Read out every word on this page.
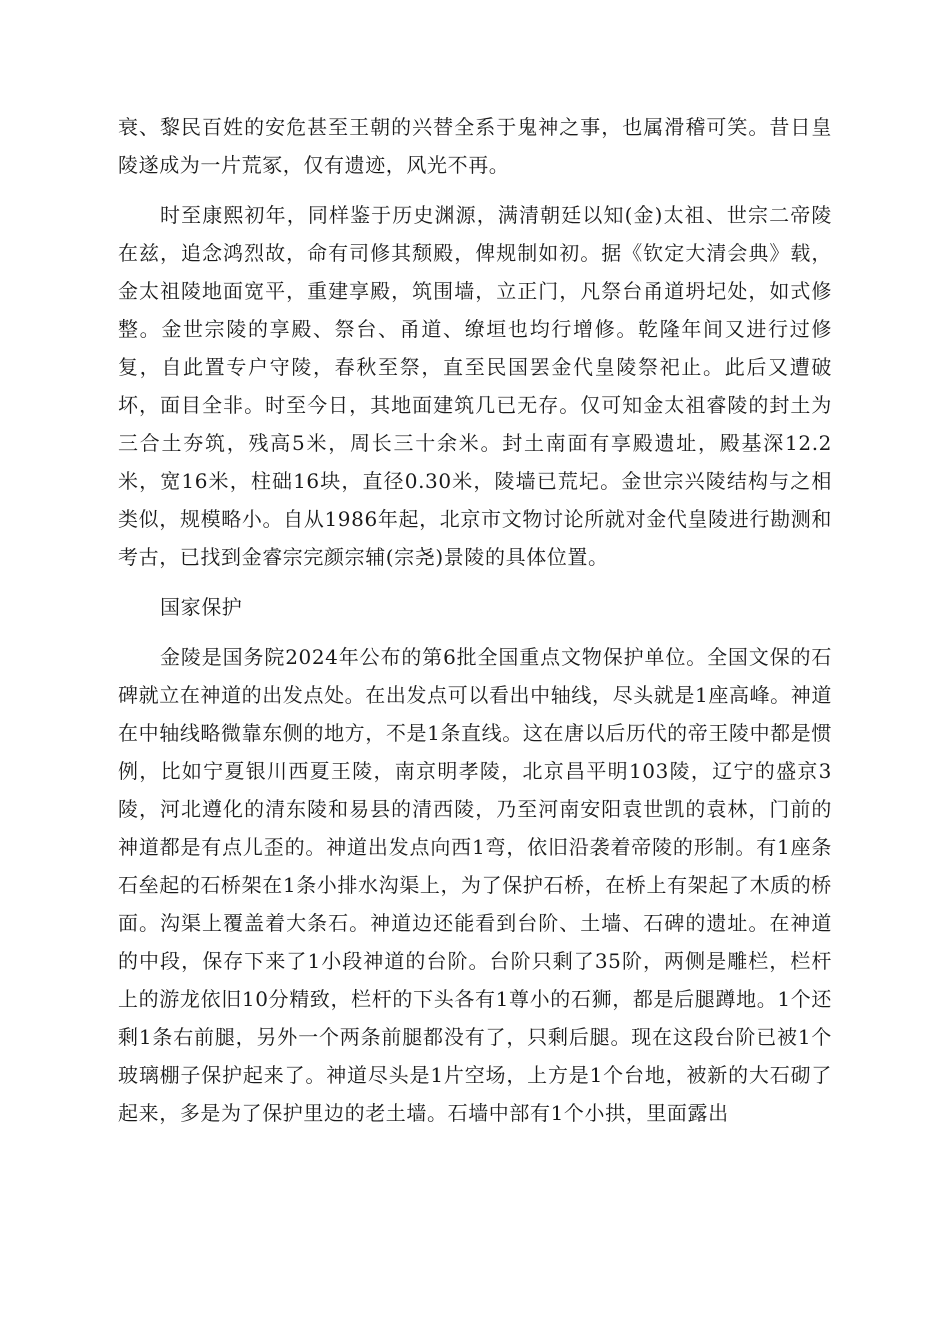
衰、黎民百姓的安危甚至王朝的兴替全系于鬼神之事，也属滑稽可笑。昔日皇陵遂成为一片荒冢，仅有遗迹，风光不再。

时至康熙初年，同样鉴于历史渊源，满清朝廷以知(金)太祖、世宗二帝陵在兹，追念鸿烈故，命有司修其颓殿，俾规制如初。据《钦定大清会典》载，金太祖陵地面宽平，重建享殿，筑围墙，立正门，凡祭台甬道坍圮处，如式修整。金世宗陵的享殿、祭台、甬道、缭垣也均行增修。乾隆年间又进行过修复，自此置专户守陵，春秋至祭，直至民国罢金代皇陵祭祀止。此后又遭破坏，面目全非。时至今日，其地面建筑几已无存。仅可知金太祖睿陵的封土为三合土夯筑，残高5米，周长三十余米。封土南面有享殿遗址，殿基深12.2米，宽16米，柱础16块，直径0.30米，陵墙已荒圮。金世宗兴陵结构与之相类似，规模略小。自从1986年起，北京市文物讨论所就对金代皇陵进行勘测和考古，已找到金睿宗完颜宗辅(宗尧)景陵的具体位置。

国家保护

金陵是国务院2024年公布的第6批全国重点文物保护单位。全国文保的石碑就立在神道的出发点处。在出发点可以看出中轴线，尽头就是1座高峰。神道在中轴线略微靠东侧的地方，不是1条直线。这在唐以后历代的帝王陵中都是惯例，比如宁夏银川西夏王陵，南京明孝陵，北京昌平明103陵，辽宁的盛京3陵，河北遵化的清东陵和易县的清西陵，乃至河南安阳袁世凯的袁林，门前的神道都是有点儿歪的。神道出发点向西1弯，依旧沿袭着帝陵的形制。有1座条石垒起的石桥架在1条小排水沟渠上，为了保护石桥，在桥上有架起了木质的桥面。沟渠上覆盖着大条石。神道边还能看到台阶、土墙、石碑的遗址。在神道的中段，保存下来了1小段神道的台阶。台阶只剩了35阶，两侧是雕栏，栏杆上的游龙依旧10分精致，栏杆的下头各有1尊小的石狮，都是后腿蹲地。1个还剩1条右前腿，另外一个两条前腿都没有了，只剩后腿。现在这段台阶已被1个玻璃棚子保护起来了。神道尽头是1片空场，上方是1个台地，被新的大石砌了起来，多是为了保护里边的老土墙。石墙中部有1个小拱，里面露出
